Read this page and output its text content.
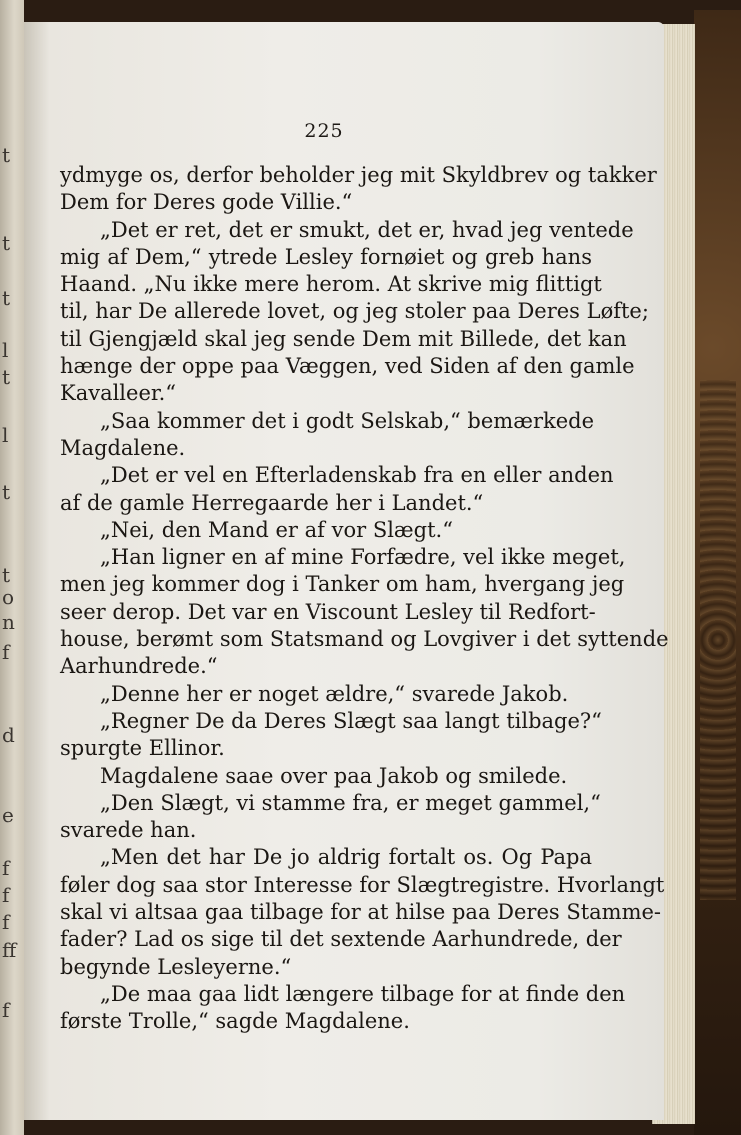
t
t
t
l
t
l
t
t
o
n
f
d
e
f
f
f
ff
f
225
ydmyge os, derfor beholder jeg mit Skyldbrev og takker
Dem for Deres gode Villie.“
„Det er ret, det er smukt, det er, hvad jeg ventede
mig af Dem,“ ytrede Lesley fornøiet og greb hans
Haand. „Nu ikke mere herom. At skrive mig flittigt
til, har De allerede lovet, og jeg stoler paa Deres Løfte;
til Gjengjæld skal jeg sende Dem mit Billede, det kan
hænge der oppe paa Væggen, ved Siden af den gamle
Kavalleer.“
„Saa kommer det i godt Selskab,“ bemærkede
Magdalene.
„Det er vel en Efterladenskab fra en eller anden
af de gamle Herregaarde her i Landet.“
„Nei, den Mand er af vor Slægt.“
„Han ligner en af mine Forfædre, vel ikke meget,
men jeg kommer dog i Tanker om ham, hvergang jeg
seer derop. Det var en Viscount Lesley til Redfort-
house, berømt som Statsmand og Lovgiver i det syttende
Aarhundrede.“
„Denne her er noget ældre,“ svarede Jakob.
„Regner De da Deres Slægt saa langt tilbage?“
spurgte Ellinor.
Magdalene saae over paa Jakob og smilede.
„Den Slægt, vi stamme fra, er meget gammel,“
svarede han.
„Men det har De jo aldrig fortalt os. Og Papa
føler dog saa stor Interesse for Slægtregistre. Hvorlangt
skal vi altsaa gaa tilbage for at hilse paa Deres Stamme-
fader? Lad os sige til det sextende Aarhundrede, der
begynde Lesleyerne.“
„De maa gaa lidt længere tilbage for at finde den
første Trolle,“ sagde Magdalene.
